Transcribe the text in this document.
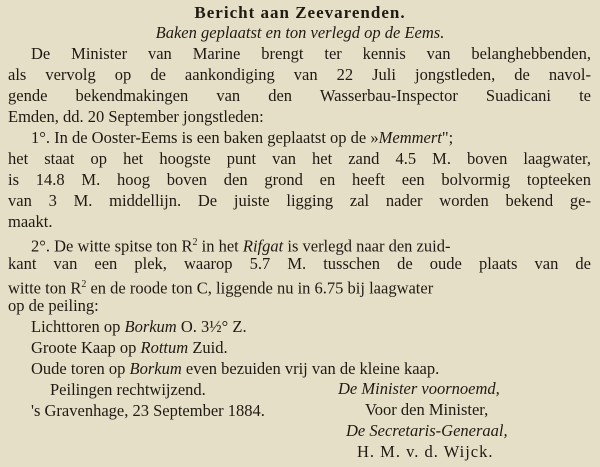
Bericht aan Zeevarenden.
Baken geplaatst en ton verlegd op de Eems.
De Minister van Marine brengt ter kennis van belanghebbenden,
als vervolg op de aankondiging van 22 Juli jongstleden, de navol-
gende bekendmakingen van den Wasserbau-Inspector Suadicani te
Emden, dd. 20 September jongstleden:
1°. In de Ooster-Eems is een baken geplaatst op de »Memmert";
het staat op het hoogste punt van het zand 4.5 M. boven laagwater,
is 14.8 M. hoog boven den grond en heeft een bolvormig topteeken
van 3 M. middellijn. De juiste ligging zal nader worden bekend ge-
maakt.
2°. De witte spitse ton $R^2$ in het Rifgat is verlegd naar den zuid-
kant van een plek, waarop 5.7 M. tusschen de oude plaats van de
witte ton $R^2$ en de roode ton C, liggende nu in 6.75 bij laagwater
op de peiling:
Lichttoren op Borkum O. 3½° Z.
Groote Kaap op Rottum Zuid.
Oude toren op Borkum even bezuiden vrij van de kleine kaap.
Peilingen rechtwijzend.
's Gravenhage, 23 September 1884.
De Minister voornoemd,
Voor den Minister,
De Secretaris-Generaal,
H. M. v. d. Wijck.
